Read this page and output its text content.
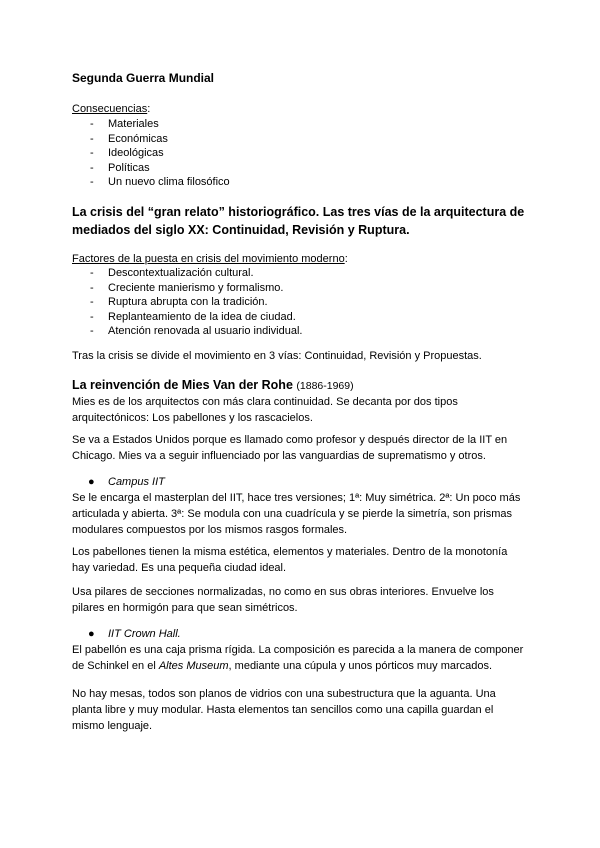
Segunda Guerra Mundial
Consecuencias:
- Materiales
- Económicas
- Ideológicas
- Políticas
- Un nuevo clima filosófico
La crisis del “gran relato” historiográfico. Las tres vías de la arquitectura de mediados del siglo XX: Continuidad, Revisión y Ruptura.
Factores de la puesta en crisis del movimiento moderno:
- Descontextualización cultural.
- Creciente manierismo y formalismo.
- Ruptura abrupta con la tradición.
- Replanteamiento de la idea de ciudad.
- Atención renovada al usuario individual.
Tras la crisis se divide el movimiento en 3 vías: Continuidad, Revisión y Propuestas.
La reinvención de Mies Van der Rohe (1886-1969)
Mies es de los arquitectos con más clara continuidad. Se decanta por dos tipos arquitectónicos: Los pabellones y los rascacielos.
Se va a Estados Unidos porque es llamado como profesor y después director de la IIT en Chicago. Mies va a seguir influenciado por las vanguardias de suprematismo y otros.
● Campus IIT
Se le encarga el masterplan del IIT, hace tres versiones; 1ª: Muy simétrica. 2ª: Un poco más articulada y abierta. 3ª: Se modula con una cuadrícula y se pierde la simetría, son prismas modulares compuestos por los mismos rasgos formales.
Los pabellones tienen la misma estética, elementos y materiales. Dentro de la monotonía hay variedad. Es una pequeña ciudad ideal.
Usa pilares de secciones normalizadas, no como en sus obras interiores. Envuelve los pilares en hormigón para que sean simétricos.
● IIT Crown Hall.
El pabellón es una caja prisma rígida. La composición es parecida a la manera de componer de Schinkel en el Altes Museum, mediante una cúpula y unos pórticos muy marcados.
No hay mesas, todos son planos de vidrios con una subestructura que la aguanta. Una planta libre y muy modular. Hasta elementos tan sencillos como una capilla guardan el mismo lenguaje.
